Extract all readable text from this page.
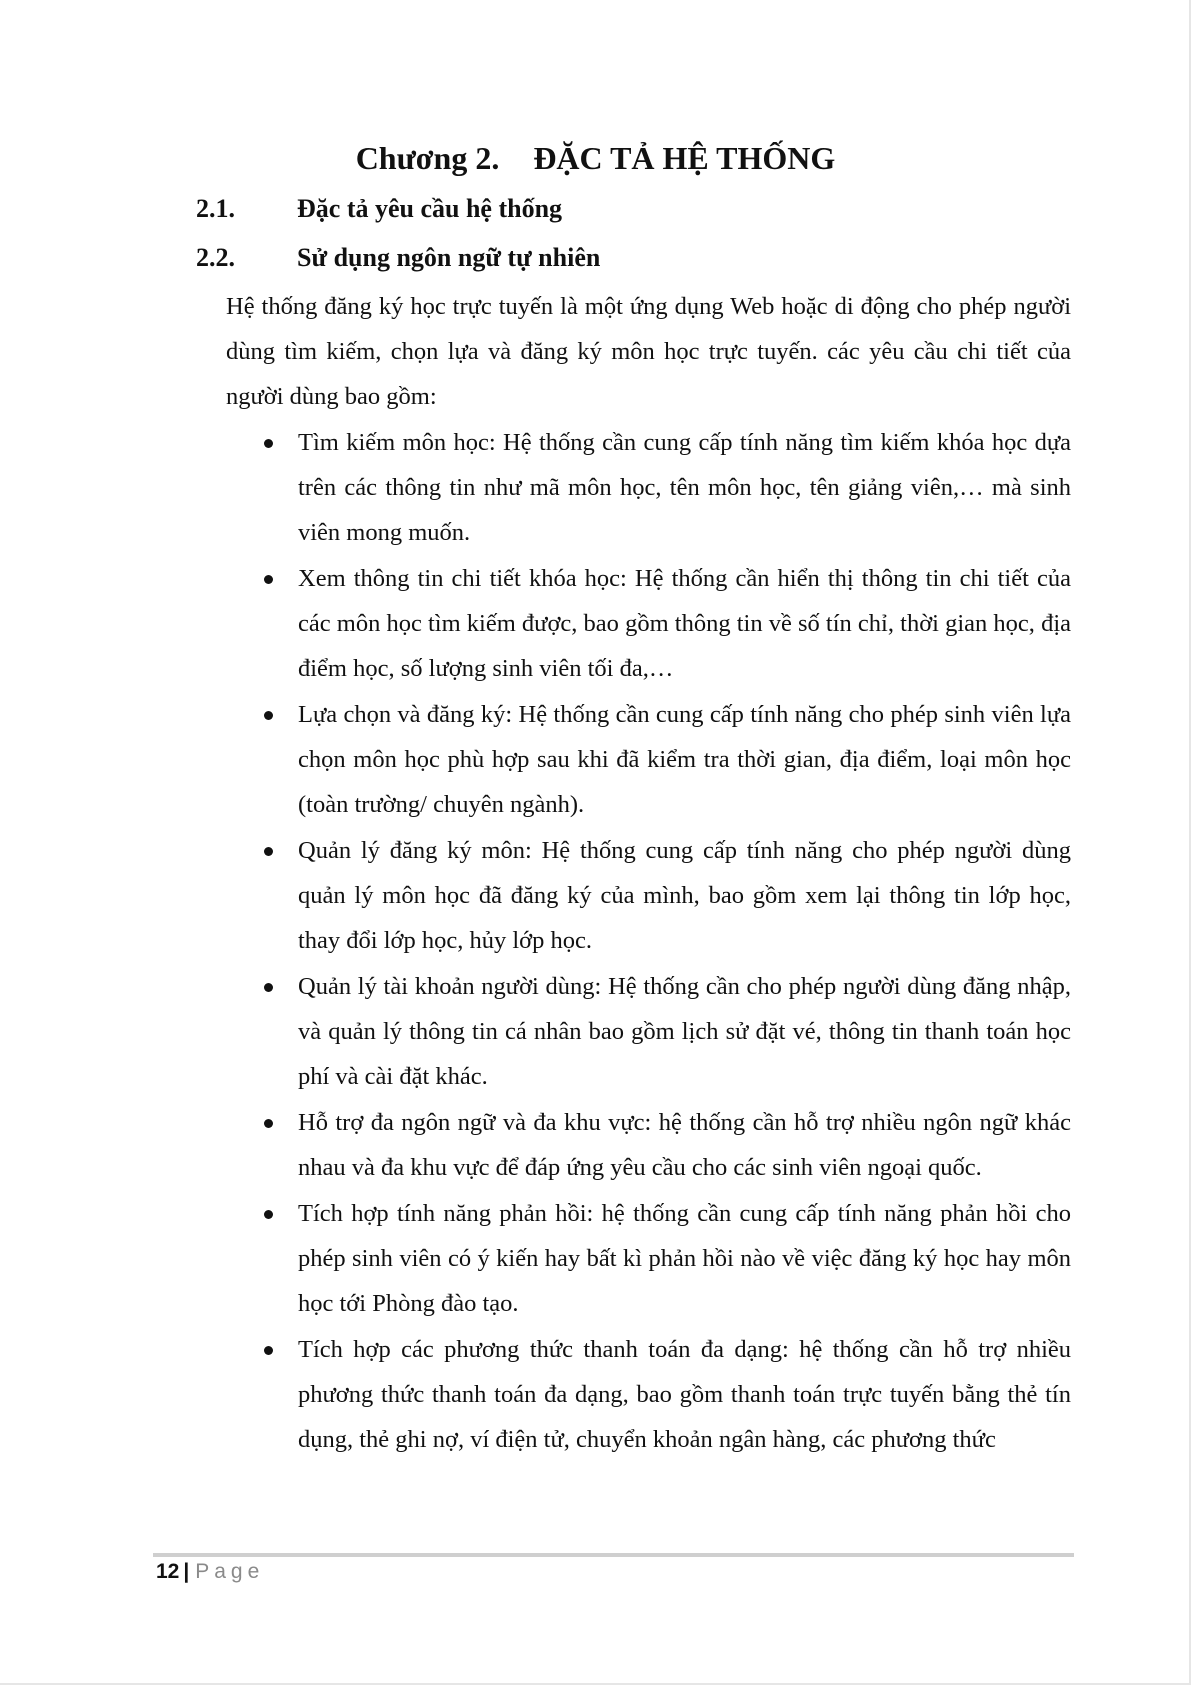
Chương 2. ĐẶC TẢ HỆ THỐNG
2.1. Đặc tả yêu cầu hệ thống
2.2. Sử dụng ngôn ngữ tự nhiên

Hệ thống đăng ký học trực tuyến là một ứng dụng Web hoặc di động cho phép người dùng tìm kiếm, chọn lựa và đăng ký môn học trực tuyến. các yêu cầu chi tiết của người dùng bao gồm:

Tìm kiếm môn học: Hệ thống cần cung cấp tính năng tìm kiếm khóa học dựa trên các thông tin như mã môn học, tên môn học, tên giảng viên,… mà sinh viên mong muốn.
Xem thông tin chi tiết khóa học: Hệ thống cần hiển thị thông tin chi tiết của các môn học tìm kiếm được, bao gồm thông tin về số tín chỉ, thời gian học, địa điểm học, số lượng sinh viên tối đa,…
Lựa chọn và đăng ký: Hệ thống cần cung cấp tính năng cho phép sinh viên lựa chọn môn học phù hợp sau khi đã kiểm tra thời gian, địa điểm, loại môn học (toàn trường/ chuyên ngành).
Quản lý đăng ký môn: Hệ thống cung cấp tính năng cho phép người dùng quản lý môn học đã đăng ký của mình, bao gồm xem lại thông tin lớp học, thay đổi lớp học, hủy lớp học.
Quản lý tài khoản người dùng: Hệ thống cần cho phép người dùng đăng nhập, và quản lý thông tin cá nhân bao gồm lịch sử đặt vé, thông tin thanh toán học phí và cài đặt khác.
Hỗ trợ đa ngôn ngữ và đa khu vực: hệ thống cần hỗ trợ nhiều ngôn ngữ khác nhau và đa khu vực để đáp ứng yêu cầu cho các sinh viên ngoại quốc.
Tích hợp tính năng phản hồi: hệ thống cần cung cấp tính năng phản hồi cho phép sinh viên có ý kiến hay bất kì phản hồi nào về việc đăng ký học hay môn học tới Phòng đào tạo.
Tích hợp các phương thức thanh toán đa dạng: hệ thống cần hỗ trợ nhiều phương thức thanh toán đa dạng, bao gồm thanh toán trực tuyến bằng thẻ tín dụng, thẻ ghi nợ, ví điện tử, chuyển khoản ngân hàng, các phương thức
12 | Page
